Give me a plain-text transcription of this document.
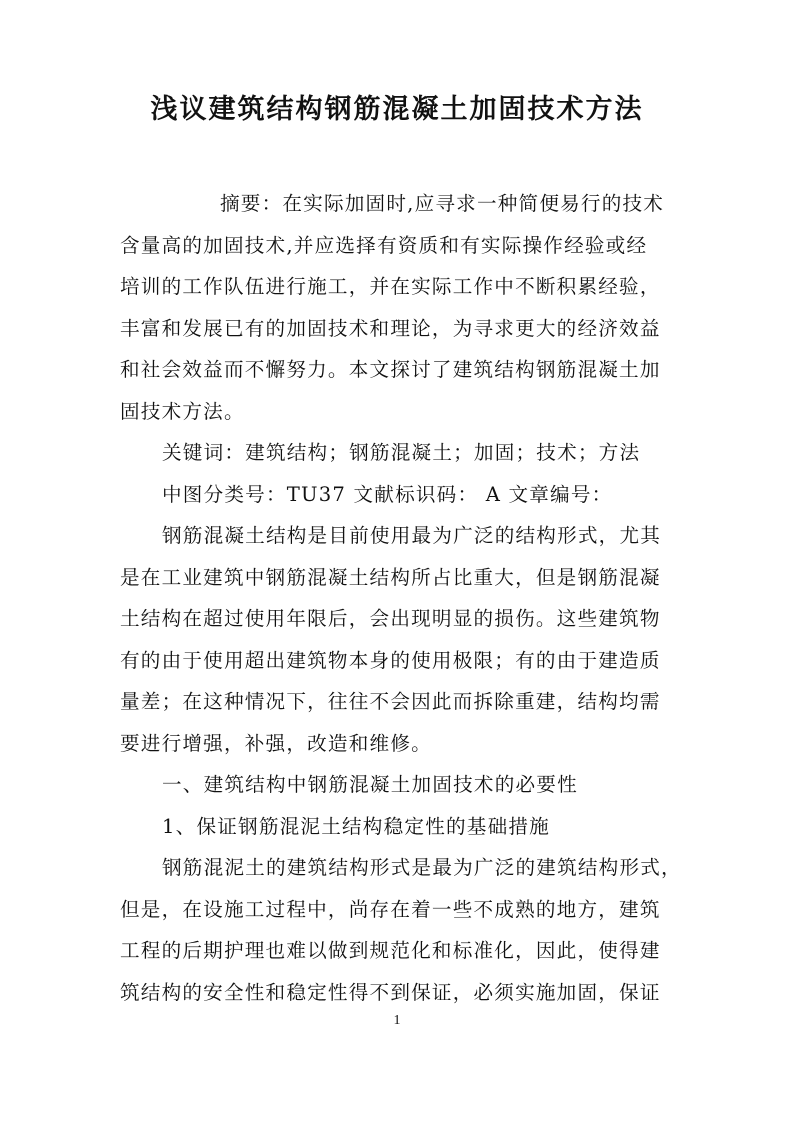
浅议建筑结构钢筋混凝土加固技术方法
摘要：在实际加固时,应寻求一种简便易行的技术
含量高的加固技术,并应选择有资质和有实际操作经验或经
培训的工作队伍进行施工，并在实际工作中不断积累经验，
丰富和发展已有的加固技术和理论，为寻求更大的经济效益
和社会效益而不懈努力。本文探讨了建筑结构钢筋混凝土加
固技术方法。
关键词：建筑结构；钢筋混凝土；加固；技术；方法
中图分类号：TU37 文献标识码： A 文章编号：
钢筋混凝土结构是目前使用最为广泛的结构形式，尤其
是在工业建筑中钢筋混凝土结构所占比重大，但是钢筋混凝
土结构在超过使用年限后，会出现明显的损伤。这些建筑物
有的由于使用超出建筑物本身的使用极限；有的由于建造质
量差；在这种情况下，往往不会因此而拆除重建，结构均需
要进行增强，补强，改造和维修。
一、建筑结构中钢筋混凝土加固技术的必要性
1、保证钢筋混泥土结构稳定性的基础措施
钢筋混泥土的建筑结构形式是最为广泛的建筑结构形式，
但是，在设施工过程中，尚存在着一些不成熟的地方，建筑
工程的后期护理也难以做到规范化和标准化，因此，使得建
筑结构的安全性和稳定性得不到保证，必须实施加固，保证
1
